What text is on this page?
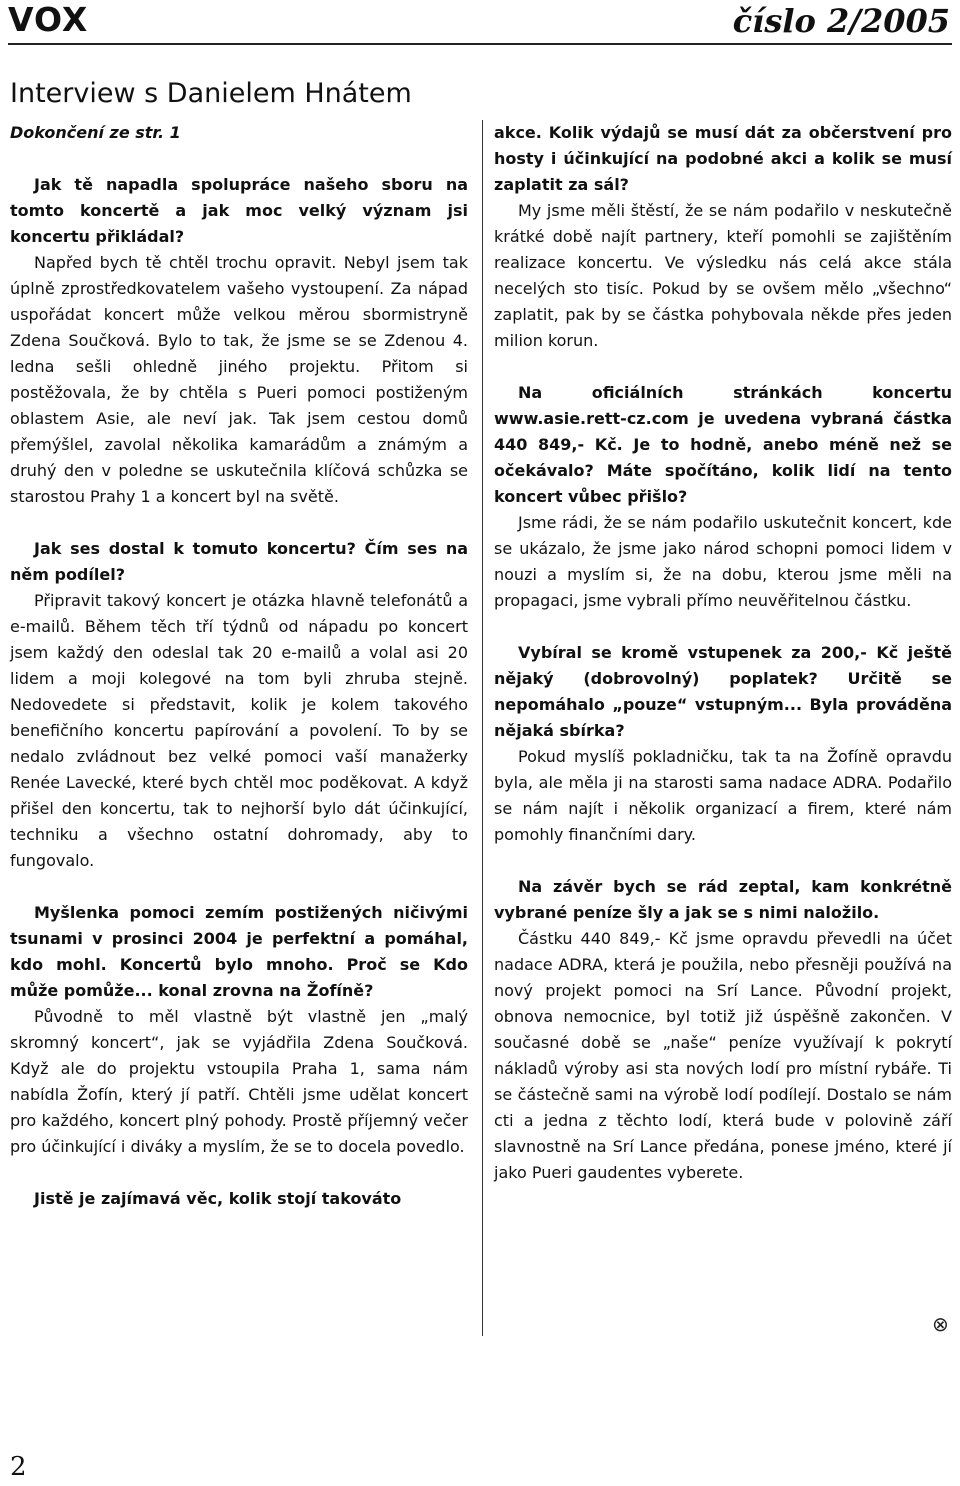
VOX	číslo 2/2005
Interview s Danielem Hnátem

Dokončení ze str. 1

Jak tě napadla spolupráce našeho sboru na tomto koncertě a jak moc velký význam jsi koncertu přikládal?

Napřed bych tě chtěl trochu opravit. Nebyl jsem tak úplně zprostředkovatelem vašeho vystoupení. Za nápad uspořádat koncert může velkou měrou sbormistryně Zdena Součková. Bylo to tak, že jsme se se Zdenou 4. ledna sešli ohledně jiného projektu. Přitom si postěžovala, že by chtěla s Pueri pomoci postiženým oblastem Asie, ale neví jak. Tak jsem cestou domů přemýšlel, zavolal několika kamarádům a známým a druhý den v poledne se uskutečnila klíčová schůzka se starostou Prahy 1 a koncert byl na světě.

Jak ses dostal k tomuto koncertu? Čím ses na něm podílel?

Připravit takový koncert je otázka hlavně telefonátů a e-mailů. Během těch tří týdnů od nápadu po koncert jsem každý den odeslal tak 20 e-mailů a volal asi 20 lidem a moji kolegové na tom byli zhruba stejně. Nedovedete si představit, kolik je kolem takového benefičního koncertu papírování a povolení. To by se nedalo zvládnout bez velké pomoci vaší manažerky Renée Lavecké, které bych chtěl moc poděkovat. A když přišel den koncertu, tak to nejhorší bylo dát účinkující, techniku a všechno ostatní dohromady, aby to fungovalo.

Myšlenka pomoci zemím postižených ničivými tsunami v prosinci 2004 je perfektní a pomáhal, kdo mohl. Koncertů bylo mnoho. Proč se Kdo může pomůže... konal zrovna na Žofíně?

Původně to měl vlastně být vlastně jen „malý skromný koncert“, jak se vyjádřila Zdena Součková. Když ale do projektu vstoupila Praha 1, sama nám nabídla Žofín, který jí patří. Chtěli jsme udělat koncert pro každého, koncert plný pohody. Prostě příjemný večer pro účinkující i diváky a myslím, že se to docela povedlo.

Jistě je zajímavá věc, kolik stojí takováto

akce. Kolik výdajů se musí dát za občerstvení pro hosty i účinkující na podobné akci a kolik se musí zaplatit za sál?

My jsme měli štěstí, že se nám podařilo v neskutečně krátké době najít partnery, kteří pomohli se zajištěním realizace koncertu. Ve výsledku nás celá akce stála necelých sto tisíc. Pokud by se ovšem mělo „všechno“ zaplatit, pak by se částka pohybovala někde přes jeden milion korun.

Na oficiálních stránkách koncertu www.asie.rett-cz.com je uvedena vybraná částka 440 849,- Kč. Je to hodně, anebo méně než se očekávalo? Máte spočítáno, kolik lidí na tento koncert vůbec přišlo?

Jsme rádi, že se nám podařilo uskutečnit koncert, kde se ukázalo, že jsme jako národ schopni pomoci lidem v nouzi a myslím si, že na dobu, kterou jsme měli na propagaci, jsme vybrali přímo neuvěřitelnou částku.

Vybíral se kromě vstupenek za 200,- Kč ještě nějaký (dobrovolný) poplatek? Určitě se nepomáhalo „pouze“ vstupným... Byla prováděna nějaká sbírka?

Pokud myslíš pokladničku, tak ta na Žofíně opravdu byla, ale měla ji na starosti sama nadace ADRA. Podařilo se nám najít i několik organizací a firem, které nám pomohly finančními dary.

Na závěr bych se rád zeptal, kam konkrétně vybrané peníze šly a jak se s nimi naložilo.

Částku 440 849,- Kč jsme opravdu převedli na účet nadace ADRA, která je použila, nebo přesněji používá na nový projekt pomoci na Srí Lance. Původní projekt, obnova nemocnice, byl totiž již úspěšně zakončen. V současné době se „naše“ peníze využívají k pokrytí nákladů výroby asi sta nových lodí pro místní rybáře. Ti se částečně sami na výrobě lodí podílejí. Dostalo se nám cti a jedna z těchto lodí, která bude v polovině září slavnostně na Srí Lance předána, ponese jméno, které jí jako Pueri gaudentes vyberete.

⊗
2
